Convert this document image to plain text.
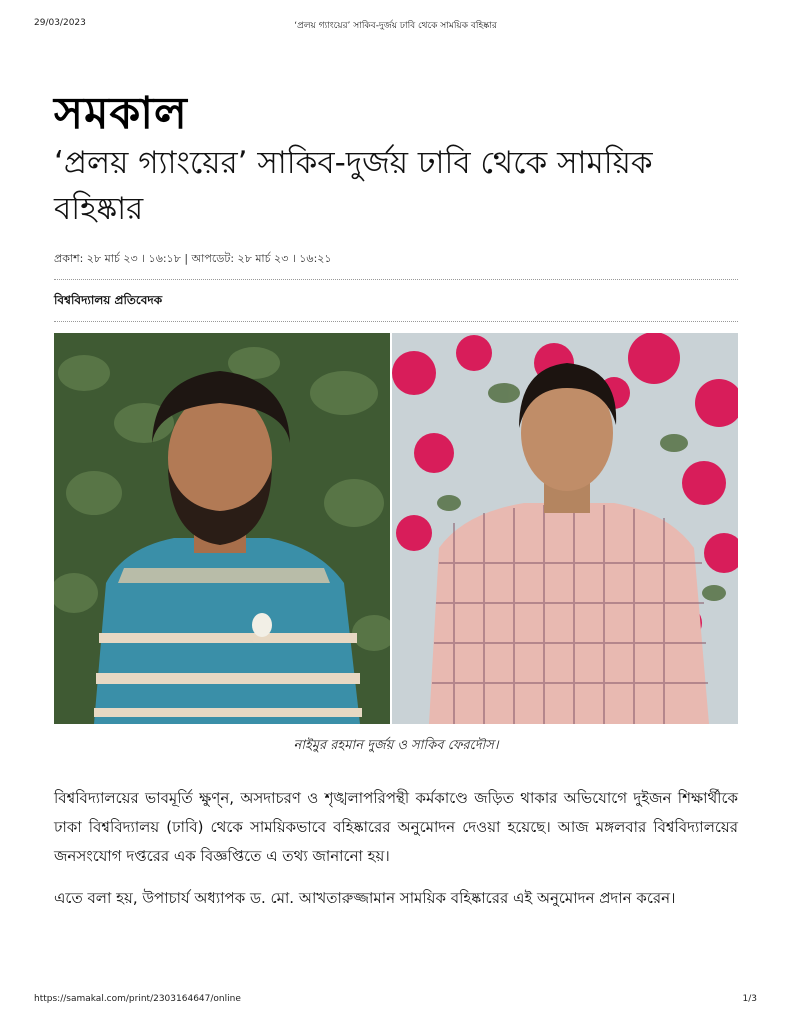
29/03/2023	‘প্রলয় গ্যাংয়ের’ সাকিব-দুর্জয় ঢাবি থেকে সাময়িক বহিষ্কার
সমকাল
‘প্রলয় গ্যাংয়ের’ সাকিব-দুর্জয় ঢাবি থেকে সাময়িক বহিষ্কার
প্রকাশ: ২৮ মার্চ ২৩ । ১৬:১৮ | আপডেট: ২৮ মার্চ ২৩ । ১৬:২১
বিশ্ববিদ্যালয় প্রতিবেদক
নাইমুর রহমান দুর্জয় ও সাকিব ফেরদৌস।

বিশ্ববিদ্যালয়ের ভাবমূর্তি ক্ষুণ্ন, অসদাচরণ ও শৃঙ্খলাপরিপন্থী কর্মকাণ্ডে জড়িত থাকার অভিযোগে দুইজন শিক্ষার্থীকে ঢাকা বিশ্ববিদ্যালয় (ঢাবি) থেকে সাময়িকভাবে বহিষ্কারের অনুমোদন দেওয়া হয়েছে। আজ মঙ্গলবার বিশ্ববিদ্যালয়ের জনসংযোগ দপ্তরের এক বিজ্ঞপ্তিতে এ তথ্য জানানো হয়।

এতে বলা হয়, উপাচার্য অধ্যাপক ড. মো. আখতারুজ্জামান সাময়িক বহিষ্কারের এই অনুমোদন প্রদান করেন।

https://samakal.com/print/2303164647/online	1/3
